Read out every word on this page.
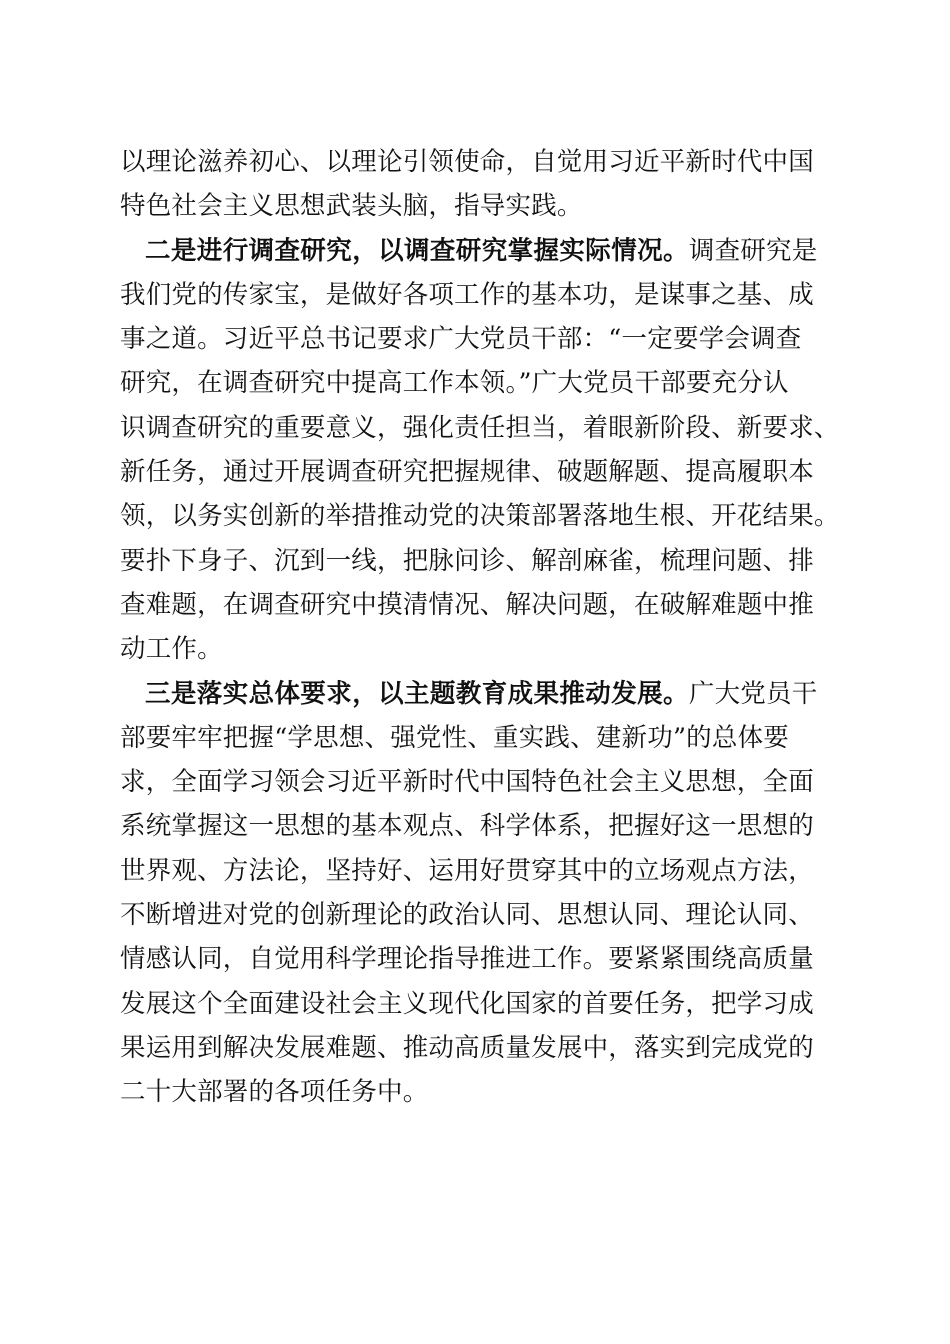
以理论滋养初心、以理论引领使命，自觉用习近平新时代中国
特色社会主义思想武装头脑，指导实践。
二是进行调查研究，以调查研究掌握实际情况。调查研究是
我们党的传家宝，是做好各项工作的基本功，是谋事之基、成
事之道。习近平总书记要求广大党员干部：“一定要学会调查
研究，在调查研究中提高工作本领。”广大党员干部要充分认
识调查研究的重要意义，强化责任担当，着眼新阶段、新要求、
新任务，通过开展调查研究把握规律、破题解题、提高履职本
领，以务实创新的举措推动党的决策部署落地生根、开花结果。
要扑下身子、沉到一线，把脉问诊、解剖麻雀，梳理问题、排
查难题，在调查研究中摸清情况、解决问题，在破解难题中推
动工作。
三是落实总体要求，以主题教育成果推动发展。广大党员干
部要牢牢把握“学思想、强党性、重实践、建新功”的总体要
求，全面学习领会习近平新时代中国特色社会主义思想，全面
系统掌握这一思想的基本观点、科学体系，把握好这一思想的
世界观、方法论，坚持好、运用好贯穿其中的立场观点方法，
不断增进对党的创新理论的政治认同、思想认同、理论认同、
情感认同，自觉用科学理论指导推进工作。要紧紧围绕高质量
发展这个全面建设社会主义现代化国家的首要任务，把学习成
果运用到解决发展难题、推动高质量发展中，落实到完成党的
二十大部署的各项任务中。
